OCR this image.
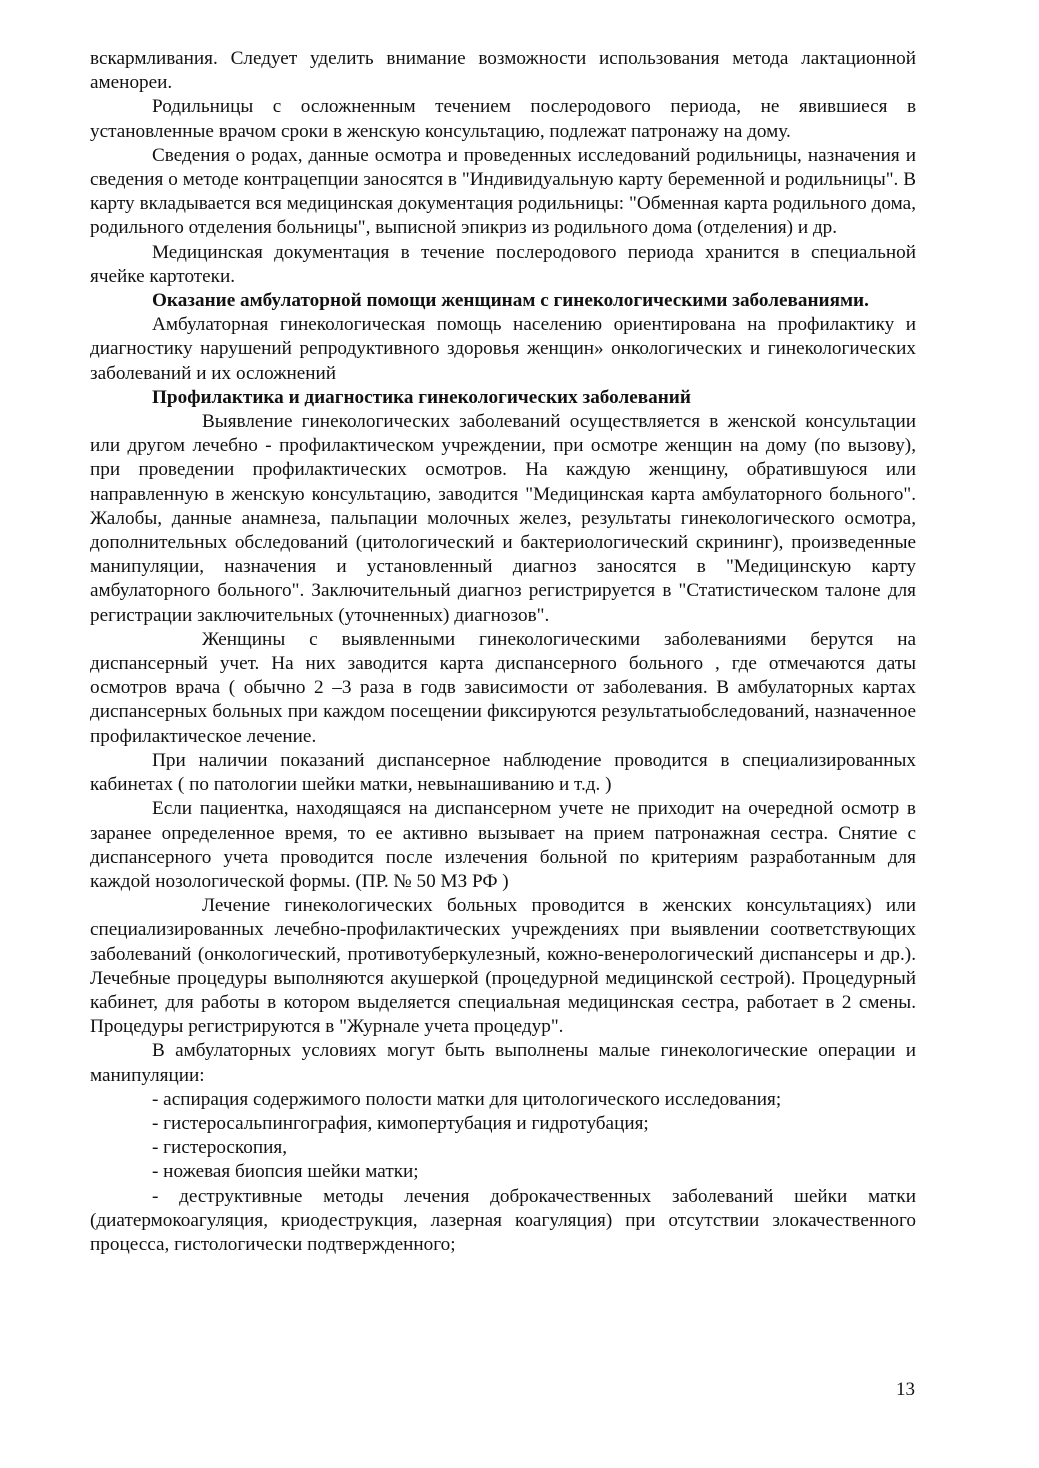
вскармливания. Следует уделить внимание возможности использования метода лактационной аменореи.

Родильницы с осложненным течением послеродового периода, не явившиеся в установленные врачом сроки в женскую консультацию, подлежат патронажу на дому.

Сведения о родах, данные осмотра и проведенных исследований родильницы, назначения и сведения о методе контрацепции заносятся в "Индивидуальную карту беременной и родильницы". В карту вкладывается вся медицинская документация родильницы: "Обменная карта родильного дома, родильного отделения больницы", выписной эпикриз из родильного дома (отделения) и др.

Медицинская документация в течение послеродового периода хранится в специальной ячейке картотеки.

Оказание амбулаторной помощи женщинам с гинекологическими заболеваниями.

Амбулаторная гинекологическая помощь населению ориентирована на профилактику и диагностику нарушений репродуктивного здоровья женщин» онкологических и гинекологических заболеваний и их осложнений

Профилактика и диагностика гинекологических заболеваний

Выявление гинекологических заболеваний осуществляется в женской консультации или другом лечебно - профилактическом учреждении, при осмотре женщин на дому (по вызову), при проведении профилактических осмотров. На каждую женщину, обратившуюся или направленную в женскую консультацию, заводится "Медицинская карта амбулаторного больного". Жалобы, данные анамнеза, пальпации молочных желез, результаты гинекологического осмотра, дополнительных обследований (цитологический и бактериологический скрининг), произведенные манипуляции, назначения и установленный диагноз заносятся в "Медицинскую карту амбулаторного больного". Заключительный диагноз регистрируется в "Статистическом талоне для регистрации заключительных (уточненных) диагнозов".

Женщины с выявленными гинекологическими заболеваниями берутся на диспансерный учет. На них заводится карта диспансерного больного , где отмечаются даты осмотров врача ( обычно 2 –3 раза в годв зависимости от заболевания. В амбулаторных картах диспансерных больных при каждом посещении фиксируются результатыобследований, назначенное профилактическое лечение.

При наличии показаний диспансерное наблюдение проводится в специализированных кабинетах ( по патологии шейки матки, невынашиванию и т.д. )

Если пациентка, находящаяся на диспансерном учете не приходит на очередной осмотр в заранее определенное время, то ее активно вызывает на прием патронажная сестра. Снятие с диспансерного учета проводится после излечения больной по критериям разработанным для каждой нозологической формы. (ПР. № 50 МЗ РФ )

Лечение гинекологических больных проводится в женских консультациях) или специализированных лечебно-профилактических учреждениях при выявлении соответствующих заболеваний (онкологический, противотуберкулезный, кожно-венерологический диспансеры и др.). Лечебные процедуры выполняются акушеркой (процедурной медицинской сестрой). Процедурный кабинет, для работы в котором выделяется специальная медицинская сестра, работает в 2 смены. Процедуры регистрируются в "Журнале учета процедур".

В амбулаторных условиях могут быть выполнены малые гинекологические операции и манипуляции:

- аспирация содержимого полости матки для цитологического исследования;

- гистеросальпингография, кимопертубация и гидротубация;

- гистероскопия,

- ножевая биопсия шейки матки;

- деструктивные методы лечения доброкачественных заболеваний шейки матки (диатермокоагуляция, криодеструкция, лазерная коагуляция) при отсутствии злокачественного процесса, гистологически подтвержденного;

13
